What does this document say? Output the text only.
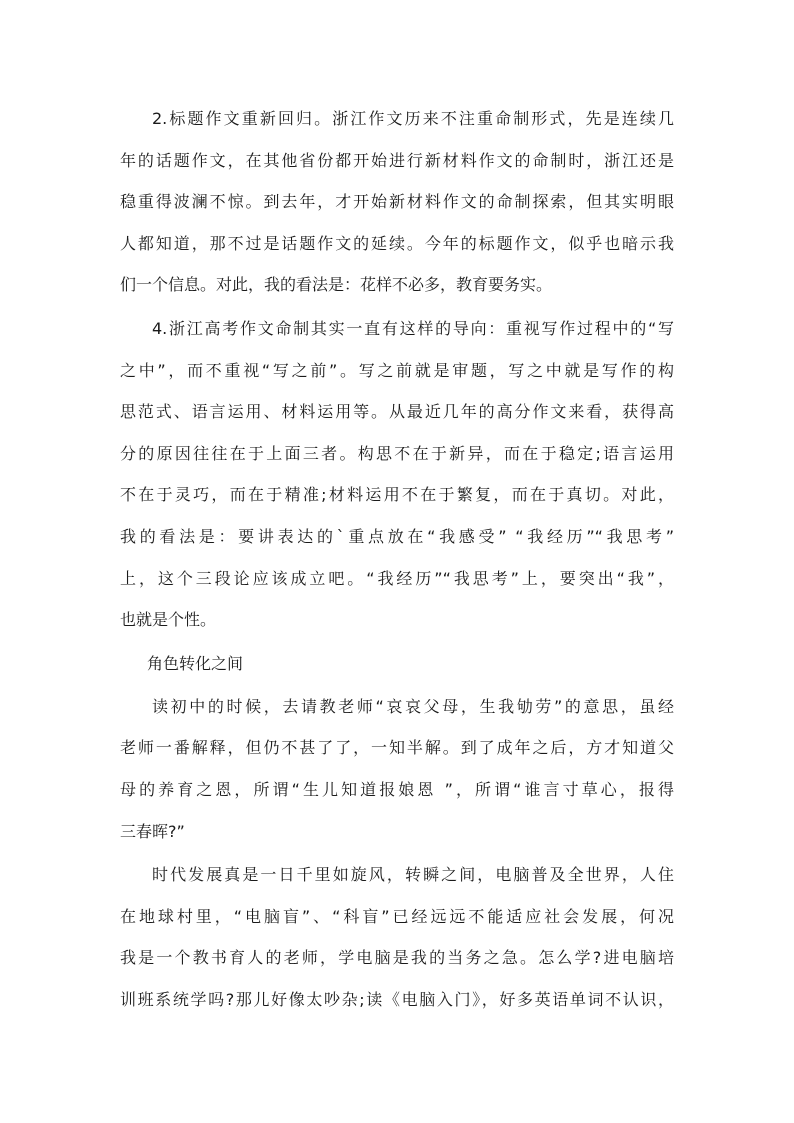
2.标题作文重新回归。浙江作文历来不注重命制形式，先是连续几
年的话题作文，在其他省份都开始进行新材料作文的命制时，浙江还是
稳重得波澜不惊。到去年，才开始新材料作文的命制探索，但其实明眼
人都知道，那不过是话题作文的延续。今年的标题作文，似乎也暗示我
们一个信息。对此，我的看法是：花样不必多，教育要务实。
4.浙江高考作文命制其实一直有这样的导向：重视写作过程中的“写
之中”，而不重视“写之前”。写之前就是审题，写之中就是写作的构
思范式、语言运用、材料运用等。从最近几年的高分作文来看，获得高
分的原因往往在于上面三者。构思不在于新异，而在于稳定;语言运用
不在于灵巧，而在于精准;材料运用不在于繁复，而在于真切。对此，
我的看法是：要讲表达的`重点放在“我感受” “我经历”“我思考”
上，这个三段论应该成立吧。“我经历”“我思考”上，要突出“我”，
也就是个性。
角色转化之间
读初中的时候，去请教老师“哀哀父母，生我劬劳”的意思，虽经
老师一番解释，但仍不甚了了，一知半解。到了成年之后，方才知道父
母的养育之恩，所谓“生儿知道报娘恩 ”，所谓“谁言寸草心，报得
三春晖?”
时代发展真是一日千里如旋风，转瞬之间，电脑普及全世界，人住
在地球村里，“电脑盲”、“科盲”已经远远不能适应社会发展，何况
我是一个教书育人的老师，学电脑是我的当务之急。怎么学?进电脑培
训班系统学吗?那儿好像太吵杂;读《电脑入门》，好多英语单词不认识，
